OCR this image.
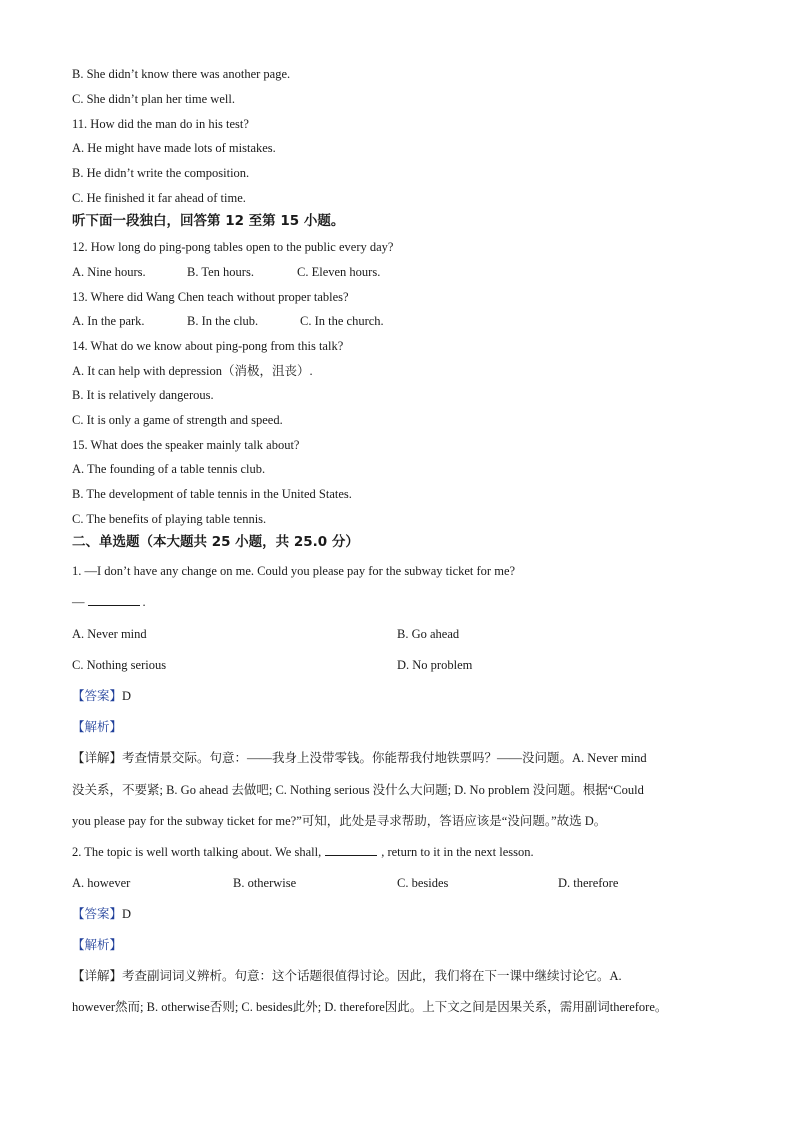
B. She didn’t know there was another page.
C. She didn’t plan her time well.
11. How did the man do in his test?
A. He might have made lots of mistakes.
B. He didn’t write the composition.
C. He finished it far ahead of time.
听下面一段独白，回答第 12 至第 15 小题。
12. How long do ping-pong tables open to the public every day?
A. Nine hours.	B. Ten hours.	C. Eleven hours.
13. Where did Wang Chen teach without proper tables?
A. In the park.	B. In the club.	C. In the church.
14. What do we know about ping-pong from this talk?
A. It can help with depression（消极，沮丧）.
B. It is relatively dangerous.
C. It is only a game of strength and speed.
15. What does the speaker mainly talk about?
A. The founding of a table tennis club.
B. The development of table tennis in the United States.
C. The benefits of playing table tennis.
二、单选题（本大题共 25 小题，共 25.0 分）
1. —I don’t have any change on me. Could you please pay for the subway ticket for me?
—	.
A. Never mind	B. Go ahead
C. Nothing serious	D. No problem
【答案】D
【解析】
【详解】考查情景交际。句意：——我身上没带零钱。你能帮我付地铁票吗？——没问题。A. Never mind
没关系，不要紧; B. Go ahead 去做吧; C. Nothing serious 没什么大问题; D. No problem 没问题。根据“Could
you please pay for the subway ticket for me?”可知，此处是寻求帮助，答语应该是“没问题。”故选 D。
2. The topic is well worth talking about. We shall,	, return to it in the next lesson.
A. however	B. otherwise	C. besides	D. therefore
【答案】D
【解析】
【详解】考查副词词义辨析。句意：这个话题很值得讨论。因此，我们将在下一课中继续讨论它。A.
however然而; B. otherwise否则; C. besides此外; D. therefore因此。上下文之间是因果关系，需用副词therefore。
